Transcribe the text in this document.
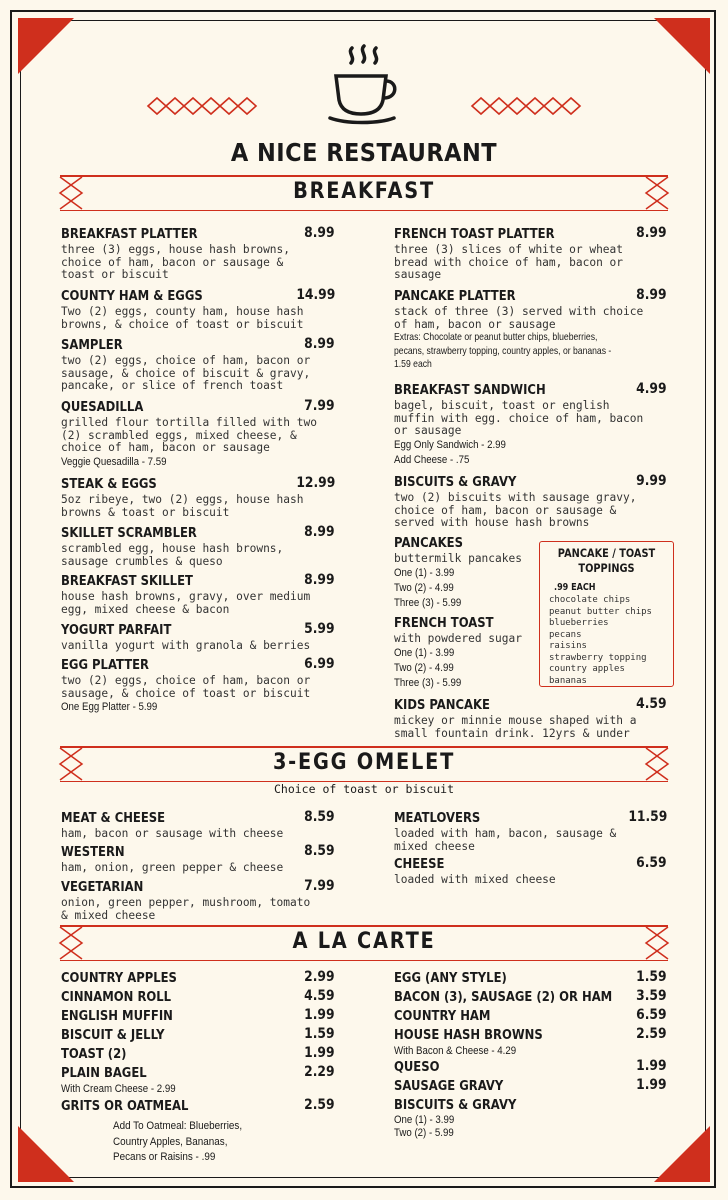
A NICE RESTAURANT
BREAKFAST
3-EGG OMELET
Choice of toast or biscuit
A LA CARTE
BREAKFAST PLATTER	8.99
three (3) eggs, house hash browns,
choice of ham, bacon or sausage &
toast or biscuit
COUNTY HAM & EGGS	14.99
Two (2) eggs, county ham, house hash
browns, & choice of toast or biscuit
SAMPLER	8.99
two (2) eggs, choice of ham, bacon or
sausage, & choice of biscuit & gravy,
pancake, or slice of french toast
QUESADILLA	7.99
grilled flour tortilla filled with two
(2) scrambled eggs, mixed cheese, &
choice of ham, bacon or sausage
Veggie Quesadilla - 7.59
STEAK & EGGS	12.99
5oz ribeye, two (2) eggs, house hash
browns & toast or biscuit
SKILLET SCRAMBLER	8.99
scrambled egg, house hash browns,
sausage crumbles & queso
BREAKFAST SKILLET	8.99
house hash browns, gravy, over medium
egg, mixed cheese & bacon
YOGURT PARFAIT	5.99
vanilla yogurt with granola & berries
EGG PLATTER	6.99
two (2) eggs, choice of ham, bacon or
sausage, & choice of toast or biscuit
One Egg Platter - 5.99
FRENCH TOAST PLATTER	8.99
three (3) slices of white or wheat
bread with choice of ham, bacon or
sausage
PANCAKE PLATTER	8.99
stack of three (3) served with choice
of ham, bacon or sausage
Extras: Chocolate or peanut butter chips, blueberries,
pecans, strawberry topping, country apples, or bananas -
1.59 each
BREAKFAST SANDWICH	4.99
bagel, biscuit, toast or english
muffin with egg. choice of ham, bacon
or sausage
Egg Only Sandwich - 2.99
Add Cheese - .75
BISCUITS & GRAVY	9.99
two (2) biscuits with sausage gravy,
choice of ham, bacon or sausage &
served with house hash browns
PANCAKES
buttermilk pancakes
One (1) - 3.99
Two (2) - 4.99
Three (3) - 5.99
FRENCH TOAST
with powdered sugar
One (1) - 3.99
Two (2) - 4.99
Three (3) - 5.99
KIDS PANCAKE	4.59
mickey or minnie mouse shaped with a
small fountain drink. 12yrs & under
PANCAKE / TOAST
TOPPINGS
.99 EACH
chocolate chips
peanut butter chips
blueberries
pecans
raisins
strawberry topping
country apples
bananas
MEAT & CHEESE	8.59
ham, bacon or sausage with cheese
WESTERN	8.59
ham, onion, green pepper & cheese
VEGETARIAN	7.99
onion, green pepper, mushroom, tomato
& mixed cheese
MEATLOVERS	11.59
loaded with ham, bacon, sausage &
mixed cheese
CHEESE	6.59
loaded with mixed cheese
COUNTRY APPLES	2.99
CINNAMON ROLL	4.59
ENGLISH MUFFIN	1.99
BISCUIT & JELLY	1.59
TOAST (2)	1.99
PLAIN BAGEL	2.29
With Cream Cheese - 2.99
GRITS OR OATMEAL	2.59
Add To Oatmeal: Blueberries,
Country Apples, Bananas,
Pecans or Raisins - .99
EGG (ANY STYLE)	1.59
BACON (3), SAUSAGE (2) OR HAM 3.59
COUNTRY HAM	6.59
HOUSE HASH BROWNS	2.59
With Bacon & Cheese - 4.29
QUESO	1.99
SAUSAGE GRAVY	1.99
BISCUITS & GRAVY
One (1) - 3.99
Two (2) - 5.99
